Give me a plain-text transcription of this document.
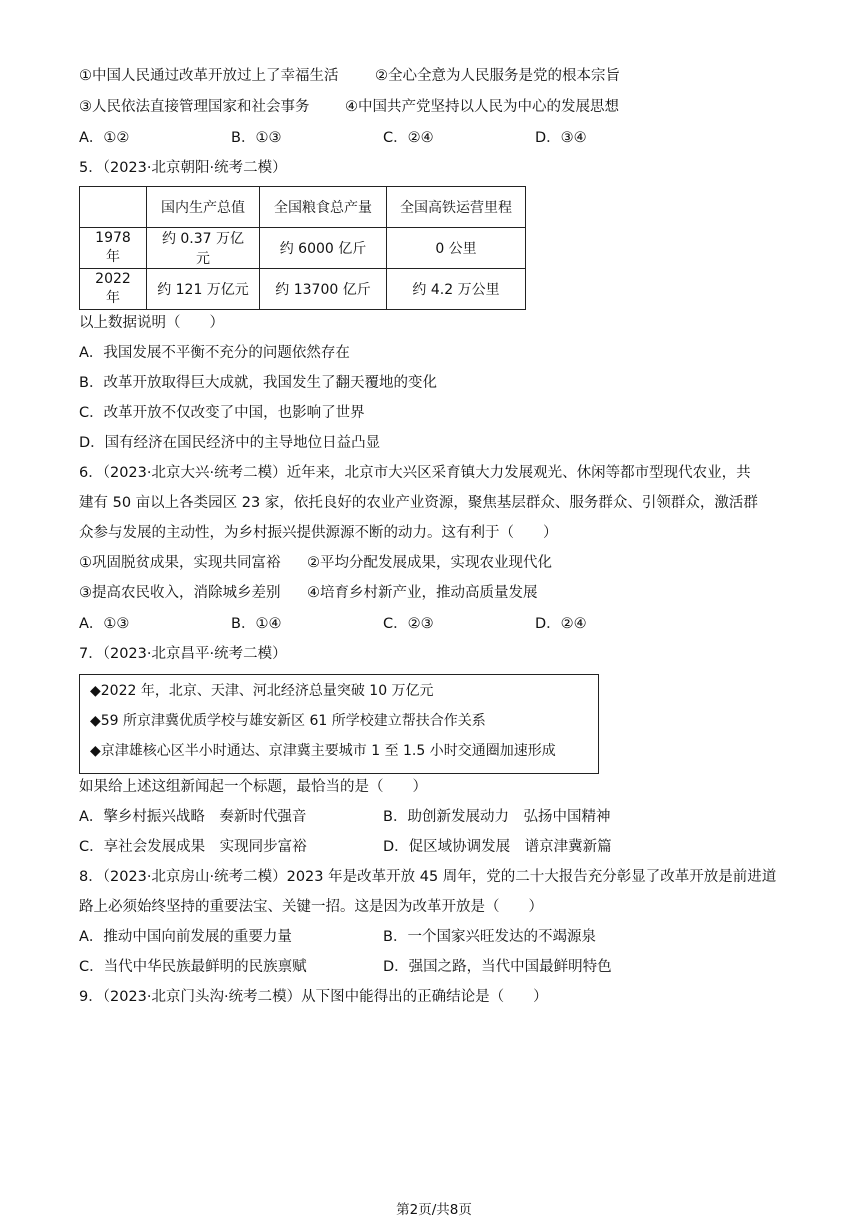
①中国人民通过改革开放过上了幸福生活	②全心全意为人民服务是党的根本宗旨
③人民依法直接管理国家和社会事务 ④中国共产党坚持以人民为中心的发展思想
A．①②	B．①③	C．②④	D．③④
5．（2023·北京朝阳·统考二模）
	国内生产总值	全国粮食总产量	全国高铁运营里程
1978 年	约 0.37 万亿元	约 6000 亿斤	0 公里
2022 年	约 121 万亿元	约 13700 亿斤	约 4.2 万公里
以上数据说明（　　）
A．我国发展不平衡不充分的问题依然存在
B．改革开放取得巨大成就，我国发生了翻天覆地的变化
C．改革开放不仅改变了中国，也影响了世界
D．国有经济在国民经济中的主导地位日益凸显
6．（2023·北京大兴·统考二模）近年来，北京市大兴区采育镇大力发展观光、休闲等都市型现代农业，共
建有 50 亩以上各类园区 23 家，依托良好的农业产业资源，聚焦基层群众、服务群众、引领群众，激活群
众参与发展的主动性，为乡村振兴提供源源不断的动力。这有利于（　　）
①巩固脱贫成果，实现共同富裕 ②平均分配发展成果，实现农业现代化
③提高农民收入，消除城乡差别 ④培育乡村新产业，推动高质量发展
A．①③	B．①④	C．②③	D．②④
7．（2023·北京昌平·统考二模）
◆2022 年，北京、天津、河北经济总量突破 10 万亿元
◆59 所京津冀优质学校与雄安新区 61 所学校建立帮扶合作关系
◆京津雄核心区半小时通达、京津冀主要城市 1 至 1.5 小时交通圈加速形成
如果给上述这组新闻起一个标题，最恰当的是（　　）
A．擎乡村振兴战略　奏新时代强音	B．助创新发展动力　弘扬中国精神
C．享社会发展成果　实现同步富裕	D．促区域协调发展　谱京津冀新篇
8．（2023·北京房山·统考二模）2023 年是改革开放 45 周年，党的二十大报告充分彰显了改革开放是前进道
路上必须始终坚持的重要法宝、关键一招。这是因为改革开放是（　　）
A．推动中国向前发展的重要力量	B．一个国家兴旺发达的不竭源泉
C．当代中华民族最鲜明的民族禀赋	D．强国之路，当代中国最鲜明特色
9．（2023·北京门头沟·统考二模）从下图中能得出的正确结论是（　　）
第2页/共8页
